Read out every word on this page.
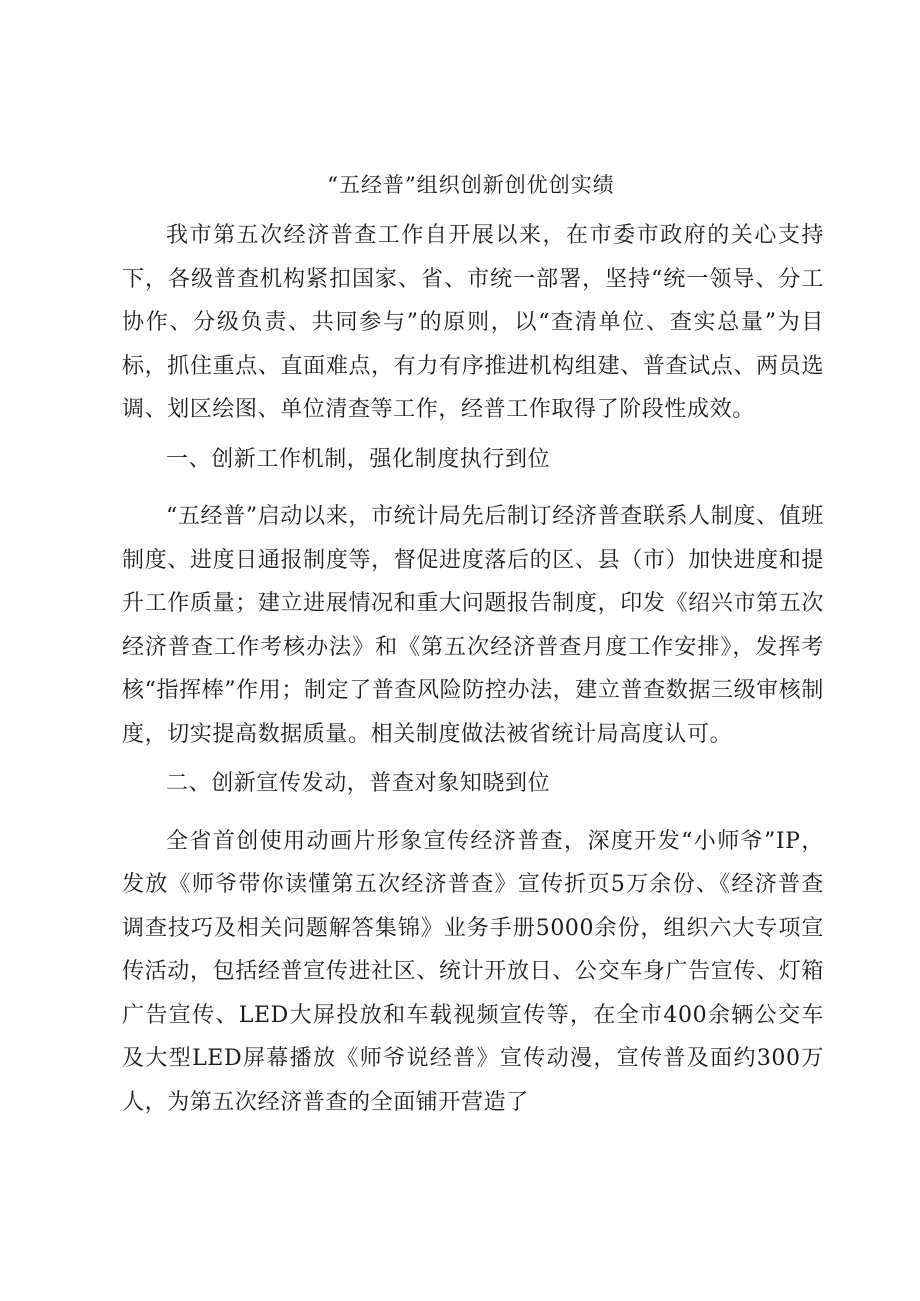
“五经普”组织创新创优创实绩

我市第五次经济普查工作自开展以来，在市委市政府的关心支持下，各级普查机构紧扣国家、省、市统一部署，坚持“统一领导、分工协作、分级负责、共同参与”的原则，以“查清单位、查实总量”为目标，抓住重点、直面难点，有力有序推进机构组建、普查试点、两员选调、划区绘图、单位清查等工作，经普工作取得了阶段性成效。

一、创新工作机制，强化制度执行到位

“五经普”启动以来，市统计局先后制订经济普查联系人制度、值班制度、进度日通报制度等，督促进度落后的区、县（市）加快进度和提升工作质量；建立进展情况和重大问题报告制度，印发《绍兴市第五次经济普查工作考核办法》和《第五次经济普查月度工作安排》，发挥考核“指挥棒”作用；制定了普查风险防控办法，建立普查数据三级审核制度，切实提高数据质量。相关制度做法被省统计局高度认可。

二、创新宣传发动，普查对象知晓到位

全省首创使用动画片形象宣传经济普查，深度开发“小师爷”IP，发放《师爷带你读懂第五次经济普查》宣传折页5万余份、《经济普查调查技巧及相关问题解答集锦》业务手册5000余份，组织六大专项宣传活动，包括经普宣传进社区、统计开放日、公交车身广告宣传、灯箱广告宣传、LED大屏投放和车载视频宣传等，在全市400余辆公交车及大型LED屏幕播放《师爷说经普》宣传动漫，宣传普及面约300万人，为第五次经济普查的全面铺开营造了
